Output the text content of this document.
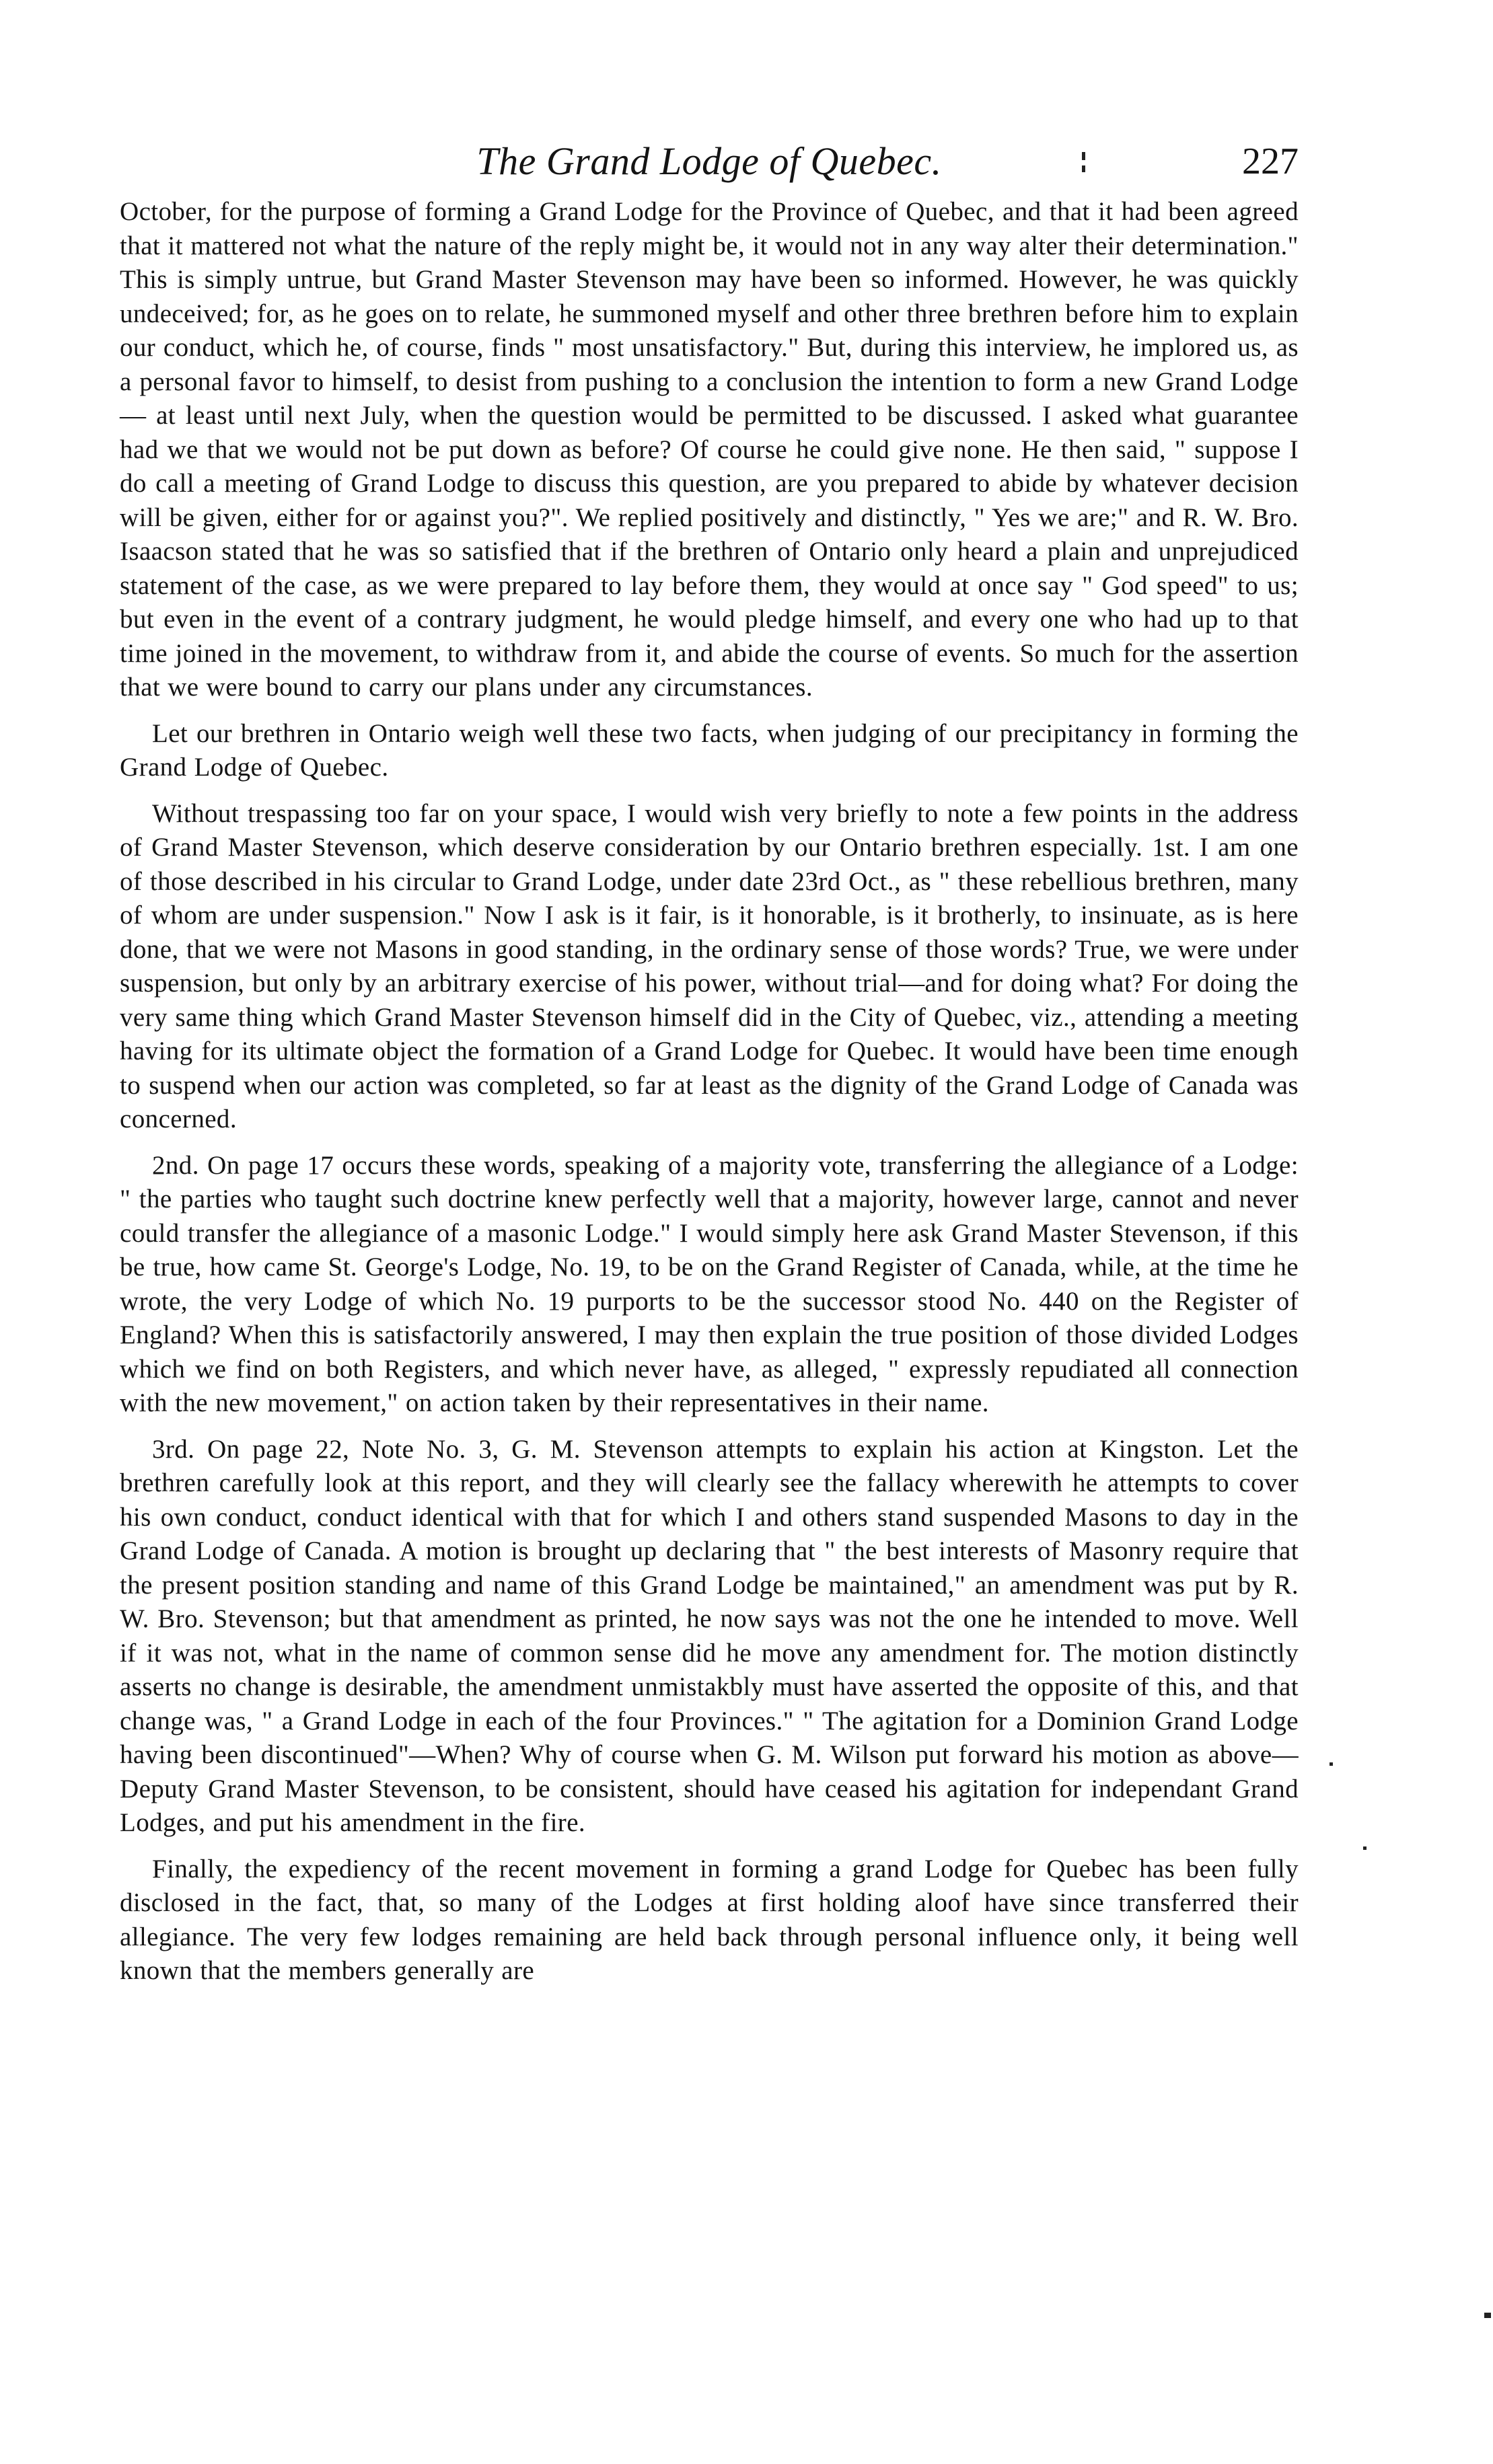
The Grand Lodge of Quebec.	227

October, for the purpose of forming a Grand Lodge for the Province of Quebec, and that it had been agreed that it mattered not what the nature of the reply might be, it would not in any way alter their determination." This is simply untrue, but Grand Master Stevenson may have been so informed. However, he was quickly undeceived; for, as he goes on to relate, he summoned myself and other three brethren before him to explain our conduct, which he, of course, finds " most unsatisfactory." But, during this interview, he implored us, as a personal favor to himself, to desist from pushing to a conclusion the intention to form a new Grand Lodge— at least until next July, when the question would be permitted to be discussed. I asked what guarantee had we that we would not be put down as before? Of course he could give none. He then said, " suppose I do call a meeting of Grand Lodge to discuss this question, are you prepared to abide by whatever decision will be given, either for or against you?". We replied positively and distinctly, " Yes we are;" and R. W. Bro. Isaacson stated that he was so satisfied that if the brethren of Ontario only heard a plain and unprejudiced statement of the case, as we were prepared to lay before them, they would at once say " God speed" to us; but even in the event of a contrary judgment, he would pledge himself, and every one who had up to that time joined in the movement, to withdraw from it, and abide the course of events. So much for the assertion that we were bound to carry our plans under any circumstances.

Let our brethren in Ontario weigh well these two facts, when judging of our precipitancy in forming the Grand Lodge of Quebec.

Without trespassing too far on your space, I would wish very briefly to note a few points in the address of Grand Master Stevenson, which deserve consideration by our Ontario brethren especially. 1st. I am one of those described in his circular to Grand Lodge, under date 23rd Oct., as " these rebellious brethren, many of whom are under suspension." Now I ask is it fair, is it honorable, is it brotherly, to insinuate, as is here done, that we were not Masons in good standing, in the ordinary sense of those words? True, we were under suspension, but only by an arbitrary exercise of his power, without trial—and for doing what? For doing the very same thing which Grand Master Stevenson himself did in the City of Quebec, viz., attending a meeting having for its ultimate object the formation of a Grand Lodge for Quebec. It would have been time enough to suspend when our action was completed, so far at least as the dignity of the Grand Lodge of Canada was concerned.

2nd. On page 17 occurs these words, speaking of a majority vote, transferring the allegiance of a Lodge: " the parties who taught such doctrine knew perfectly well that a majority, however large, cannot and never could transfer the allegiance of a masonic Lodge." I would simply here ask Grand Master Stevenson, if this be true, how came St. George's Lodge, No. 19, to be on the Grand Register of Canada, while, at the time he wrote, the very Lodge of which No. 19 purports to be the successor stood No. 440 on the Register of England? When this is satisfactorily answered, I may then explain the true position of those divided Lodges which we find on both Registers, and which never have, as alleged, " expressly repudiated all connection with the new movement," on action taken by their representatives in their name.

3rd. On page 22, Note No. 3, G. M. Stevenson attempts to explain his action at Kingston. Let the brethren carefully look at this report, and they will clearly see the fallacy wherewith he attempts to cover his own conduct, conduct identical with that for which I and others stand suspended Masons to day in the Grand Lodge of Canada. A motion is brought up declaring that " the best interests of Masonry require that the present position standing and name of this Grand Lodge be maintained," an amendment was put by R. W. Bro. Stevenson; but that amendment as printed, he now says was not the one he intended to move. Well if it was not, what in the name of common sense did he move any amendment for. The motion distinctly asserts no change is desirable, the amendment unmistakbly must have asserted the opposite of this, and that change was, " a Grand Lodge in each of the four Provinces." " The agitation for a Dominion Grand Lodge having been discontinued"—When? Why of course when G. M. Wilson put forward his motion as above—Deputy Grand Master Stevenson, to be consistent, should have ceased his agitation for independant Grand Lodges, and put his amendment in the fire.

Finally, the expediency of the recent movement in forming a grand Lodge for Quebec has been fully disclosed in the fact, that, so many of the Lodges at first holding aloof have since transferred their allegiance. The very few lodges remaining are held back through personal influence only, it being well known that the members generally are
